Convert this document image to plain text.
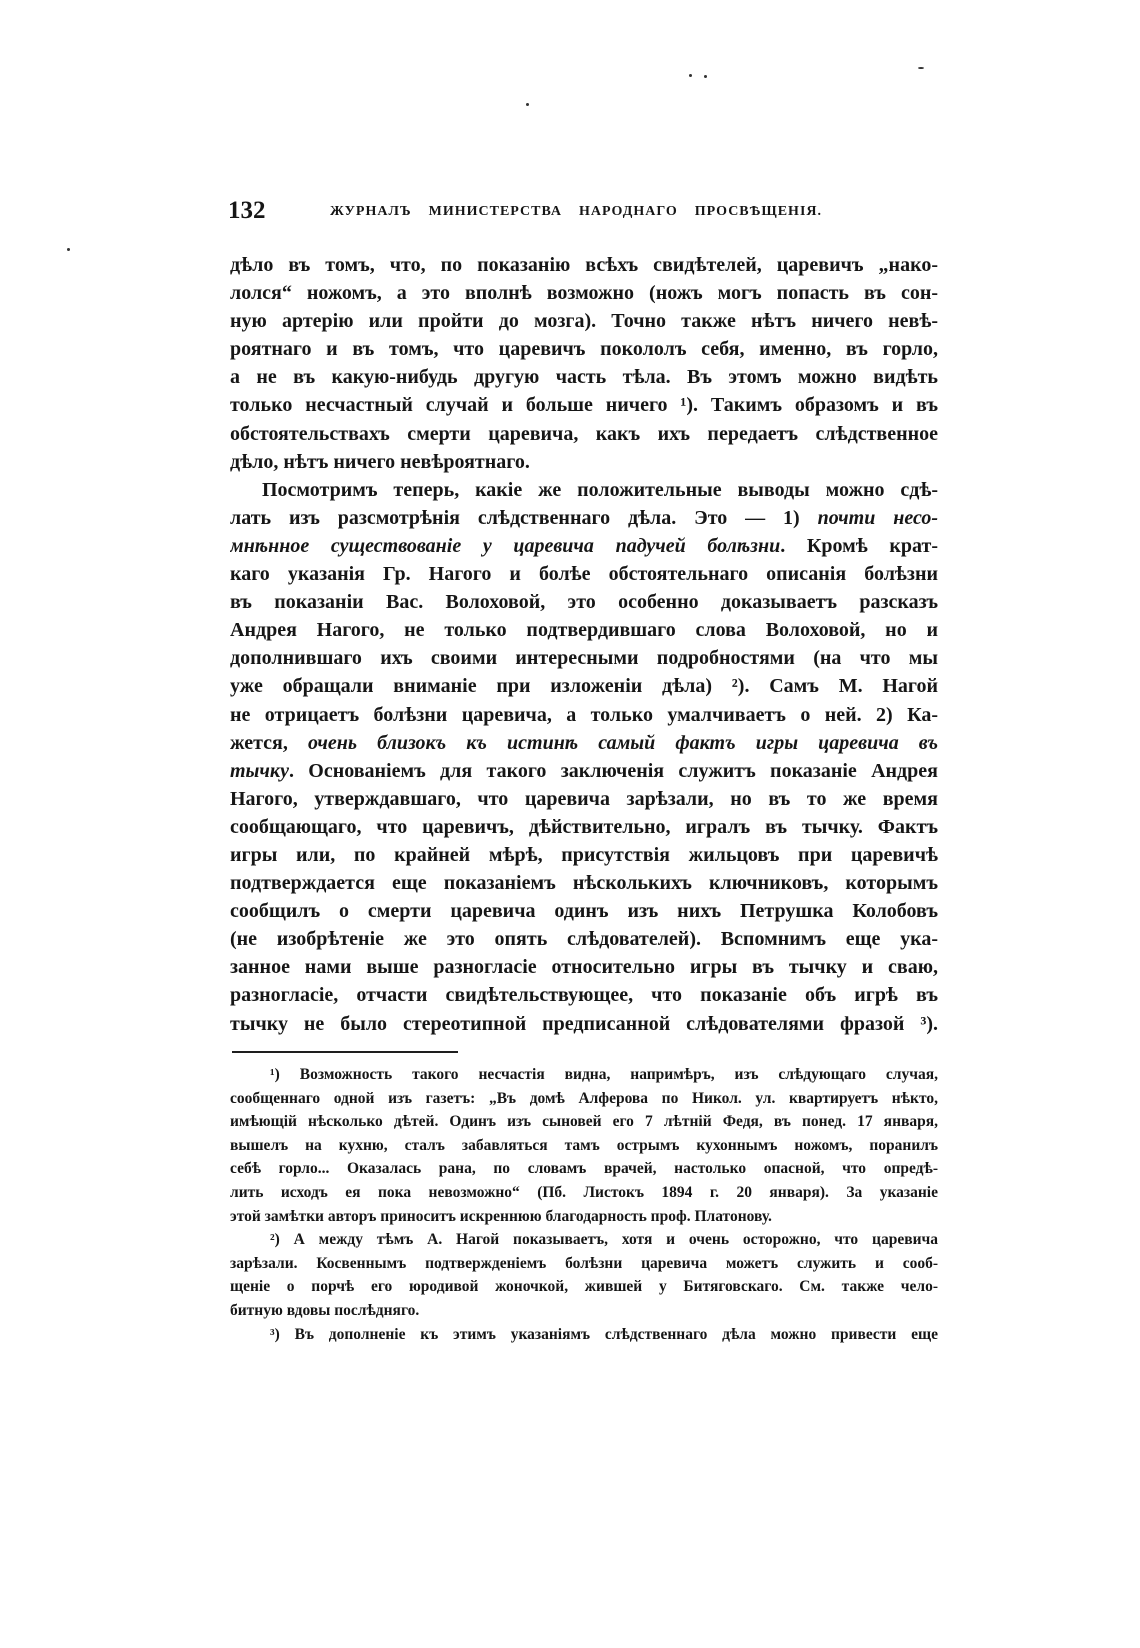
132	ЖУРНАЛЪ МИНИСТЕРСТВА НАРОДНАГО ПРОСВѢЩЕНІЯ.
дѣло въ томъ, что, по показанію всѣхъ свидѣтелей, царевичъ „нако-
лолся“ ножомъ, а это вполнѣ возможно (ножъ могъ попасть въ сон-
ную артерію или пройти до мозга). Точно также нѣтъ ничего невѣ-
роятнаго и въ томъ, что царевичъ покололъ себя, именно, въ горло,
а не въ какую-нибудь другую часть тѣла. Въ этомъ можно видѣть
только несчастный случай и больше ничего ¹). Такимъ образомъ и въ
обстоятельствахъ смерти царевича, какъ ихъ передаетъ слѣдственное
дѣло, нѣтъ ничего невѣроятнаго.
Посмотримъ теперь, какіе же положительные выводы можно сдѣ-
лать изъ разсмотрѣнія слѣдственнаго дѣла. Это — 1) почти несо-
мнѣнное существованіе у царевича падучей болѣзни. Кромѣ крат-
каго указанія Гр. Нагого и болѣе обстоятельнаго описанія болѣзни
въ показаніи Вас. Волоховой, это особенно доказываетъ разсказъ
Андрея Нагого, не только подтвердившаго слова Волоховой, но и
дополнившаго ихъ своими интересными подробностями (на что мы
уже обращали вниманіе при изложеніи дѣла) ²). Самъ М. Нагой
не отрицаетъ болѣзни царевича, а только умалчиваетъ о ней. 2) Ка-
жется, очень близокъ къ истинѣ самый фактъ игры царевича въ
тычку. Основаніемъ для такого заключенія служитъ показаніе Андрея
Нагого, утверждавшаго, что царевича зарѣзали, но въ то же время
сообщающаго, что царевичъ, дѣйствительно, игралъ въ тычку. Фактъ
игры или, по крайней мѣрѣ, присутствія жильцовъ при царевичѣ
подтверждается еще показаніемъ нѣсколькихъ ключниковъ, которымъ
сообщилъ о смерти царевича одинъ изъ нихъ Петрушка Колобовъ
(не изобрѣтеніе же это опять слѣдователей). Вспомнимъ еще ука-
занное нами выше разногласіе относительно игры въ тычку и сваю,
разногласіе, отчасти свидѣтельствующее, что показаніе объ игрѣ въ
тычку не было стереотипной предписанной слѣдователями фразой ³).
¹) Возможность такого несчастія видна, напримѣръ, изъ слѣдующаго случая,
сообщеннаго одной изъ газетъ: „Въ домѣ Алферова по Никол. ул. квартируетъ нѣкто,
имѣющій нѣсколько дѣтей. Одинъ изъ сыновей его 7 лѣтній Федя, въ понед. 17 января,
вышелъ на кухню, сталъ забавляться тамъ острымъ кухоннымъ ножомъ, поранилъ
себѣ горло... Оказалась рана, по словамъ врачей, настолько опасной, что опредѣ-
лить исходъ ея пока невозможно“ (Пб. Листокъ 1894 г. 20 января). За указаніе
этой замѣтки авторъ приноситъ искреннюю благодарность проф. Платонову.
²) А между тѣмъ А. Нагой показываетъ, хотя и очень осторожно, что царевича
зарѣзали. Косвеннымъ подтвержденіемъ болѣзни царевича можетъ служить и сооб-
щеніе о порчѣ его юродивой жоночкой, жившей у Битяговскаго. См. также чело-
битную вдовы послѣдняго.
³) Въ дополненіе къ этимъ указаніямъ слѣдственнаго дѣла можно привести еще
